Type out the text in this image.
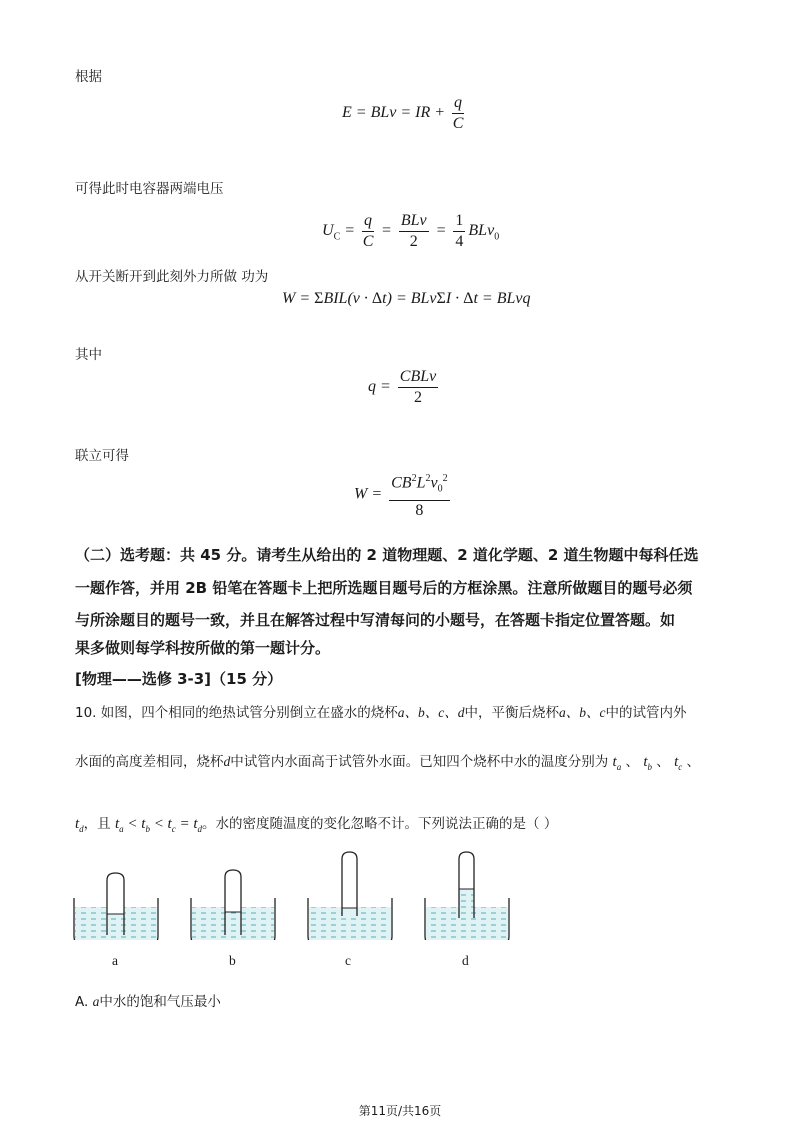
根据
E = BLv = IR + $\frac{q}{C}$
可得此时电容器两端电压
$U_C = \frac{q}{C} = \frac{\text{BLv}}{2} = \frac{1}{4} BLv_0$
从开关断开到此刻外力所做 功为
W = ΣBIL(v · Δt) = BLvΣI · Δt = BLvq
其中
$q = \frac{\text{CBLv}}{2}$
联立可得
$W = \frac{CB^2L^2v_0^2}{8}$
（二）选考题：共 45 分。请考生从给出的 2 道物理题、2 道化学题、2 道生物题中每科任选
一题作答，并用 2B 铅笔在答题卡上把所选题目题号后的方框涂黑。注意所做题目的题号必须
与所涂题目的题号一致，并且在解答过程中写清每问的小题号，在答题卡指定位置答题。如
果多做则每学科按所做的第一题计分。
[物理——选修 3-3]（15 分）
10. 如图，四个相同的绝热试管分别倒立在盛水的烧杯a、b、c、d中，平衡后烧杯a、b、c中的试管内外
水面的高度差相同，烧杯d中试管内水面高于试管外水面。已知四个烧杯中水的温度分别为 $t_a$ 、 $t_b$ 、 $t_c$ 、
$t_d$，且 $t_a < t_b < t_c = t_d$。水的密度随温度的变化忽略不计。下列说法正确的是（ ）
a	b	c	d
A. a中水的饱和气压最小
第11页/共16页
